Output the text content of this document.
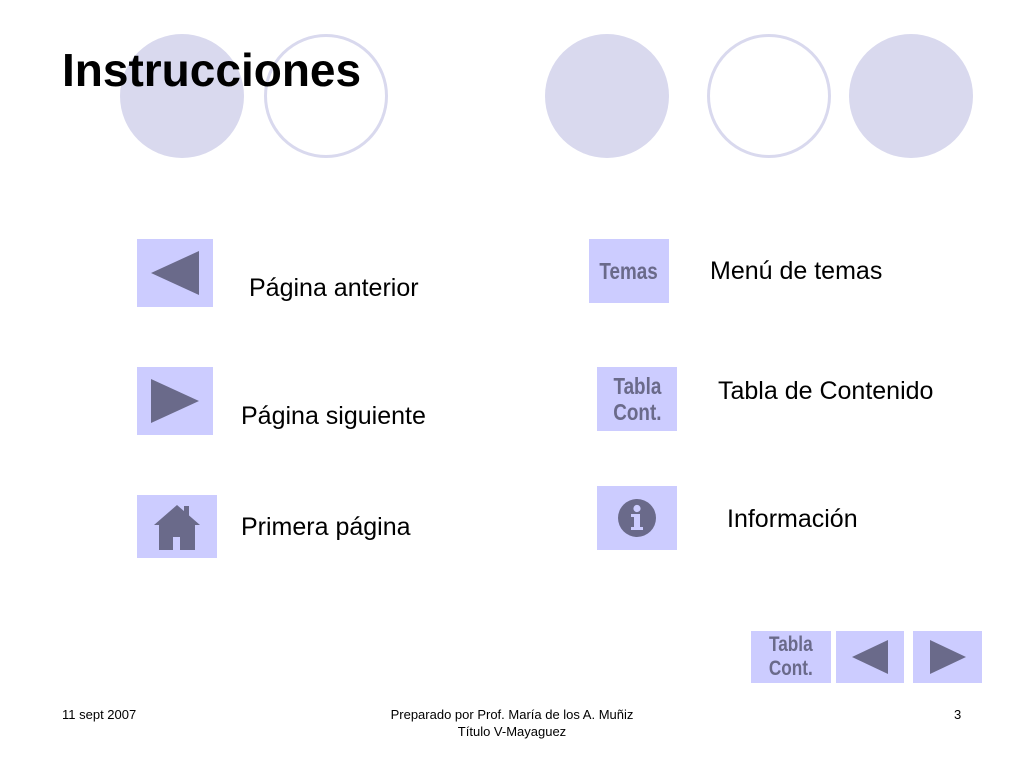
Instrucciones
Página anterior
Página siguiente
Primera página
Temas Menú de temas
Tabla
Cont.
Tabla de Contenido
Información
Tabla
Cont.
11 sept 2007	Preparado por Prof. María de los A. Muñiz
Título V-Mayaguez
3
